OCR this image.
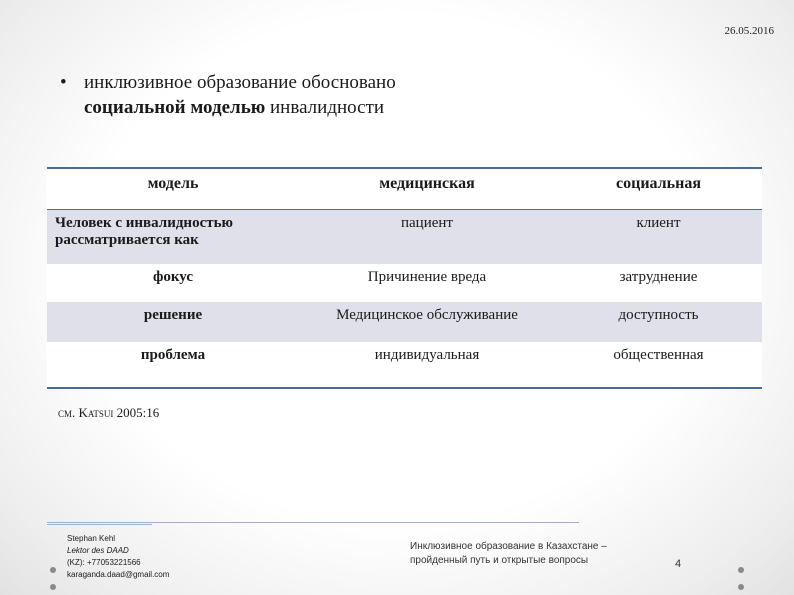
26.05.2016
• инклюзивное образование обосновано
социальной моделью инвалидности
модель	медицинская	социальная
Человек с инвалидностью рассматривается как	пациент	клиент
фокус	Причинение вреда	затруднение
решение	Медицинское обслуживание	доступность
проблема	индивидуальная	общественная
см. Katsui 2005:16
Stephan Kehl
Lektor des DAAD
(KZ): +77053221566
karaganda.daad@gmail.com
Инклюзивное образование в Казахстане –
пройденный путь и открытые вопросы	4
